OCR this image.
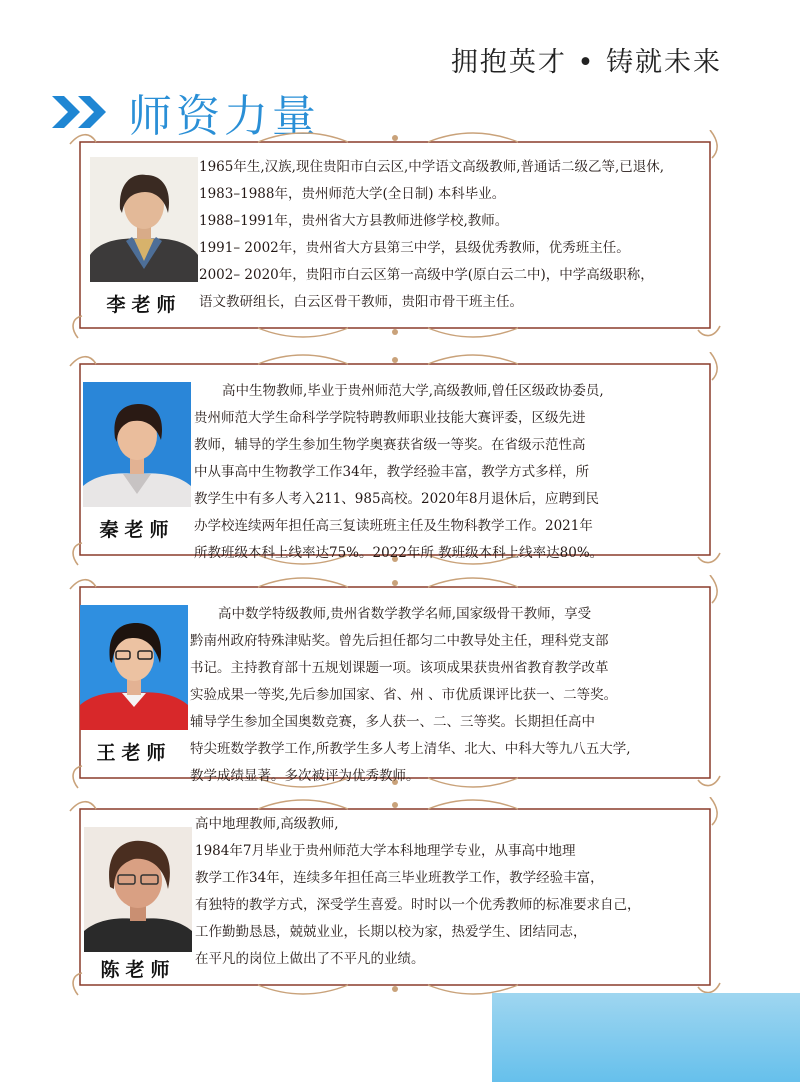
拥抱英才 • 铸就未来
师资力量
李老师

1965年生,汉族,现住贵阳市白云区,中学语文高级教师,普通话二级乙等,已退休,

1983–1988年，贵州师范大学(全日制) 本科毕业。

1988–1991年，贵州省大方县教师进修学校,教师。

1991– 2002年，贵州省大方县第三中学，县级优秀教师，优秀班主任。

2002– 2020年，贵阳市白云区第一高级中学(原白云二中)，中学高级职称，

语文教研组长，白云区骨干教师，贵阳市骨干班主任。

秦老师

高中生物教师,毕业于贵州师范大学,高级教师,曾任区级政协委员,

贵州师范大学生命科学学院特聘教师职业技能大赛评委，区级先进

教师，辅导的学生参加生物学奥赛获省级一等奖。在省级示范性高

中从事高中生物教学工作34年，教学经验丰富，教学方式多样，所

教学生中有多人考入211、985高校。2020年8月退休后，应聘到民

办学校连续两年担任高三复读班班主任及生物科教学工作。2021年

所教班级本科上线率达75%。2022年所 教班级本科上线率达80%。

王老师

高中数学特级教师,贵州省数学教学名师,国家级骨干教师，享受

黔南州政府特殊津贴奖。曾先后担任都匀二中教导处主任，理科党支部

书记。主持教育部十五规划课题一项。该项成果获贵州省教育教学改革

实验成果一等奖,先后参加国家、省、州 、市优质课评比获一、二等奖。

辅导学生参加全国奥数竞赛，多人获一、二、三等奖。长期担任高中

特尖班数学教学工作,所教学生多人考上清华、北大、中科大等九八五大学,

教学成绩显著。多次被评为优秀教师。

陈老师

高中地理教师,高级教师,

1984年7月毕业于贵州师范大学本科地理学专业，从事高中地理

教学工作34年，连续多年担任高三毕业班教学工作，教学经验丰富，

有独特的教学方式，深受学生喜爱。时时以一个优秀教师的标准要求自己，

工作勤勤恳恳，兢兢业业，长期以校为家，热爱学生、团结同志，

在平凡的岗位上做出了不平凡的业绩。
